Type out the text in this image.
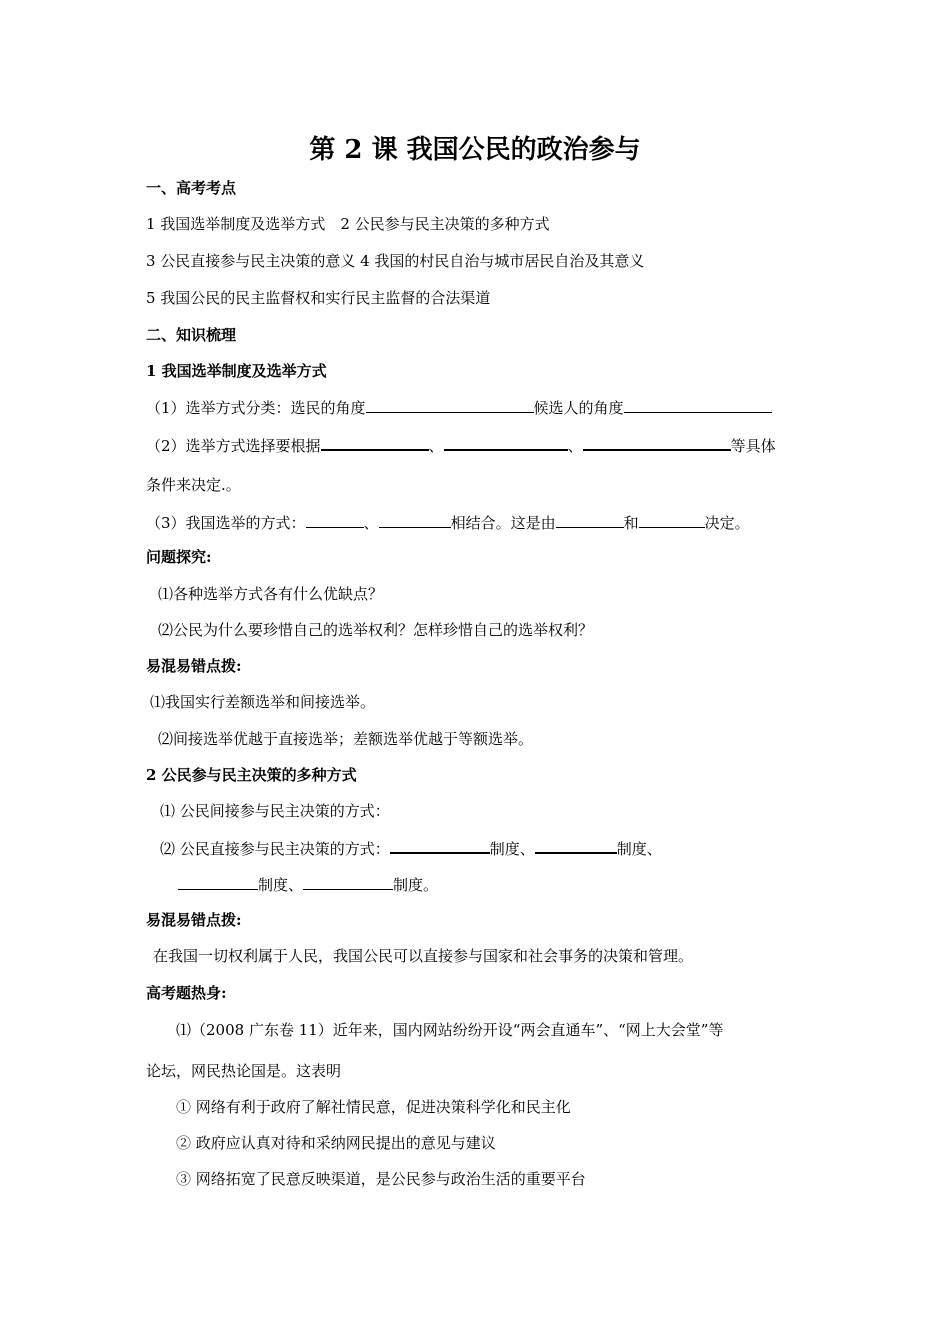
第 2 课 我国公民的政治参与
一、高考考点
1 我国选举制度及选举方式　2 公民参与民主决策的多种方式
3 公民直接参与民主决策的意义 4 我国的村民自治与城市居民自治及其意义
5 我国公民的民主监督权和实行民主监督的合法渠道
二、知识梳理
1 我国选举制度及选举方式
（1）选举方式分类：选民的角度	候选人的角度
（2）选举方式选择要根据	、	、	等具体
条件来决定.。
（3）我国选举的方式：	、	相结合。这是由	和	决定。
问题探究:
⑴各种选举方式各有什么优缺点？
⑵公民为什么要珍惜自己的选举权利？怎样珍惜自己的选举权利？
易混易错点拨:
⑴我国实行差额选举和间接选举。
⑵间接选举优越于直接选举；差额选举优越于等额选举。
2 公民参与民主决策的多种方式
⑴ 公民间接参与民主决策的方式：
⑵ 公民直接参与民主决策的方式：	制度、	制度、
制度、	制度。
易混易错点拨:
在我国一切权利属于人民，我国公民可以直接参与国家和社会事务的决策和管理。
高考题热身:
⑴（2008 广东卷 11）近年来，国内网站纷纷开设“两会直通车”、“网上大会堂”等
论坛，网民热论国是。这表明
① 网络有利于政府了解社情民意，促进决策科学化和民主化
② 政府应认真对待和采纳网民提出的意见与建议
③ 网络拓宽了民意反映渠道，是公民参与政治生活的重要平台
